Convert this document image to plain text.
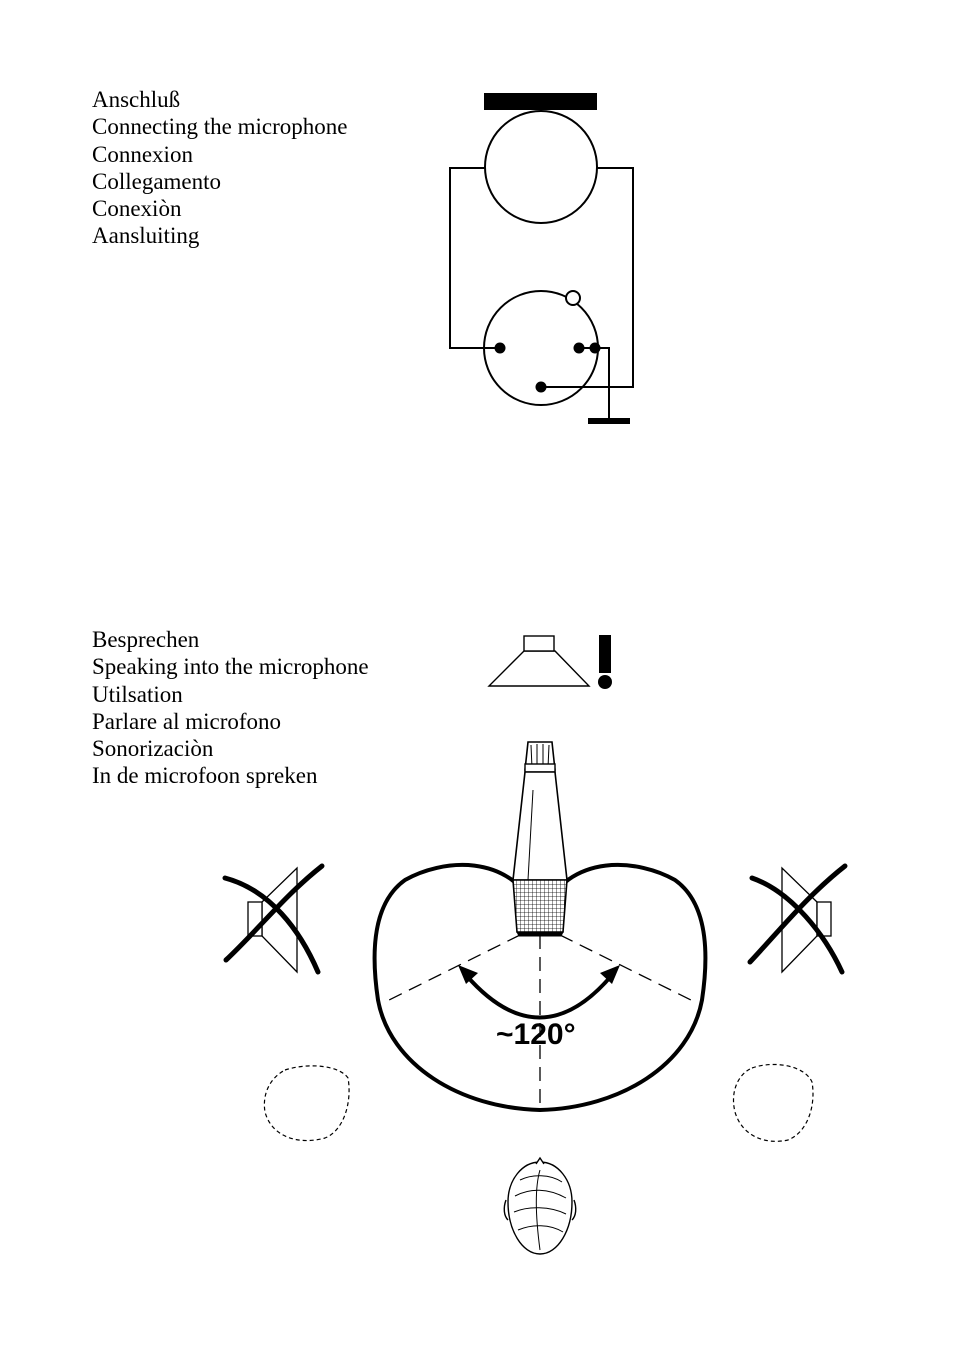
Anschluß
Connecting the microphone
Connexion
Collegamento
Conexiòn
Aansluiting
Besprechen
Speaking into the microphone
Utilsation
Parlare al microfono
Sonorizaciòn
In de microfoon spreken
~120°
